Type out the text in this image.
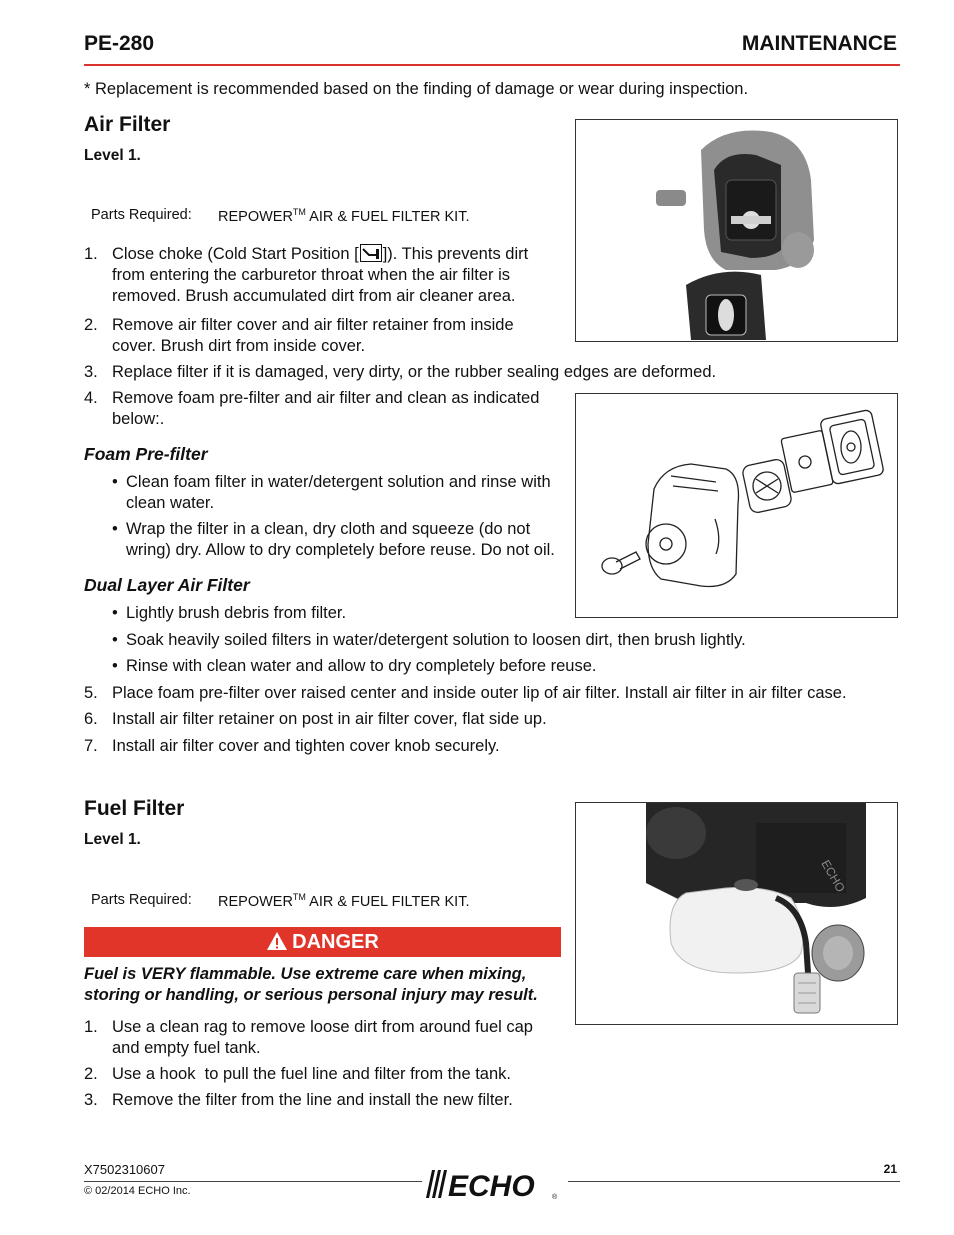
PE-280	MAINTENANCE
* Replacement is recommended based on the finding of damage or wear during inspection.
Air Filter
Level 1.
Parts Required: REPOWER™ AIR & FUEL FILTER KIT.
1. Close choke (Cold Start Position [ ]). This prevents dirt
from entering the carburetor throat when the air filter is
removed. Brush accumulated dirt from air cleaner area.
2. Remove air filter cover and air filter retainer from inside
cover. Brush dirt from inside cover.
3. Replace filter if it is damaged, very dirty, or the rubber sealing edges are deformed.
4. Remove foam pre-filter and air filter and clean as indicated
below:.
Foam Pre-filter
• Clean foam filter in water/detergent solution and rinse with
clean water.
• Wrap the filter in a clean, dry cloth and squeeze (do not
wring) dry. Allow to dry completely before reuse. Do not oil.
Dual Layer Air Filter
• Lightly brush debris from filter.
• Soak heavily soiled filters in water/detergent solution to loosen dirt, then brush lightly.
• Rinse with clean water and allow to dry completely before reuse.
5. Place foam pre-filter over raised center and inside outer lip of air filter. Install air filter in air filter case.
6. Install air filter retainer on post in air filter cover, flat side up.
7. Install air filter cover and tighten cover knob securely.
Fuel Filter
Level 1.
Parts Required: REPOWER™ AIR & FUEL FILTER KIT.
DANGER
Fuel is VERY flammable. Use extreme care when mixing,
storing or handling, or serious personal injury may result.
1. Use a clean rag to remove loose dirt from around fuel cap
and empty fuel tank.
2. Use a hook  to pull the fuel line and filter from the tank.
3. Remove the filter from the line and install the new filter.
ECHO
X7502310607
© 02/2014 ECHO Inc.
21
ECHO ®
